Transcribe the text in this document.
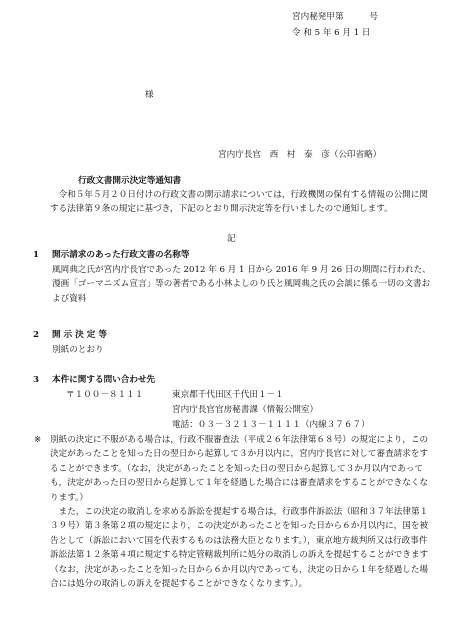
宮内秘発甲第　　　号
令 和 5 年 6 月 1 日
様
宮内庁長官　西　村　泰　彦（公印省略）
行政文書開示決定等通知書

　令和５年５月２０日付けの行政文書の開示請求については，行政機関の保有する情報の公開に関する法律第９条の規定に基づき，下記のとおり開示決定等を行いましたので通知します。

記
1 開示請求のあった行政文書の名称等

風岡典之氏が宮内庁長官であった 2012 年 6 月 1 日から 2016 年 9 月 26 日の期間に行われた、漫画「ゴーマニズム宣言」等の著者である小林よしのり氏と風岡典之氏の会談に係る一切の文書および資料

2 開 示 決 定 等
別紙のとおり
3 本件に関する問い合わせ先
〒１００－８１１１	東京都千代田区千代田１－１
宮内庁長官官房秘書課（情報公開室）
電話：０３－３２１３－１１１１（内線３７６７）
※ 別紙の決定に不服がある場合は，行政不服審査法（平成２６年法律第６８号）の規定により，この決定があったことを知った日の翌日から起算して３か月以内に，宮内庁長官に対して審査請求をすることができます。（なお，決定があったことを知った日の翌日から起算して３か月以内であっても，決定があった日の翌日から起算して１年を経過した場合には審査請求をすることができなくなります。）

　また，この決定の取消しを求める訴訟を提起する場合は，行政事件訴訟法（昭和３７年法律第１３９号）第３条第２項の規定により，この決定があったことを知った日から６か月以内に，国を被告として（訴訟において国を代表するものは法務大臣となります。），東京地方裁判所又は行政事件訴訟法第１２条第４項に規定する特定管轄裁判所に処分の取消しの訴えを提起することができます（なお，決定があったことを知った日から６か月以内であっても，決定の日から１年を経過した場合には処分の取消しの訴えを提起することができなくなります。）。
